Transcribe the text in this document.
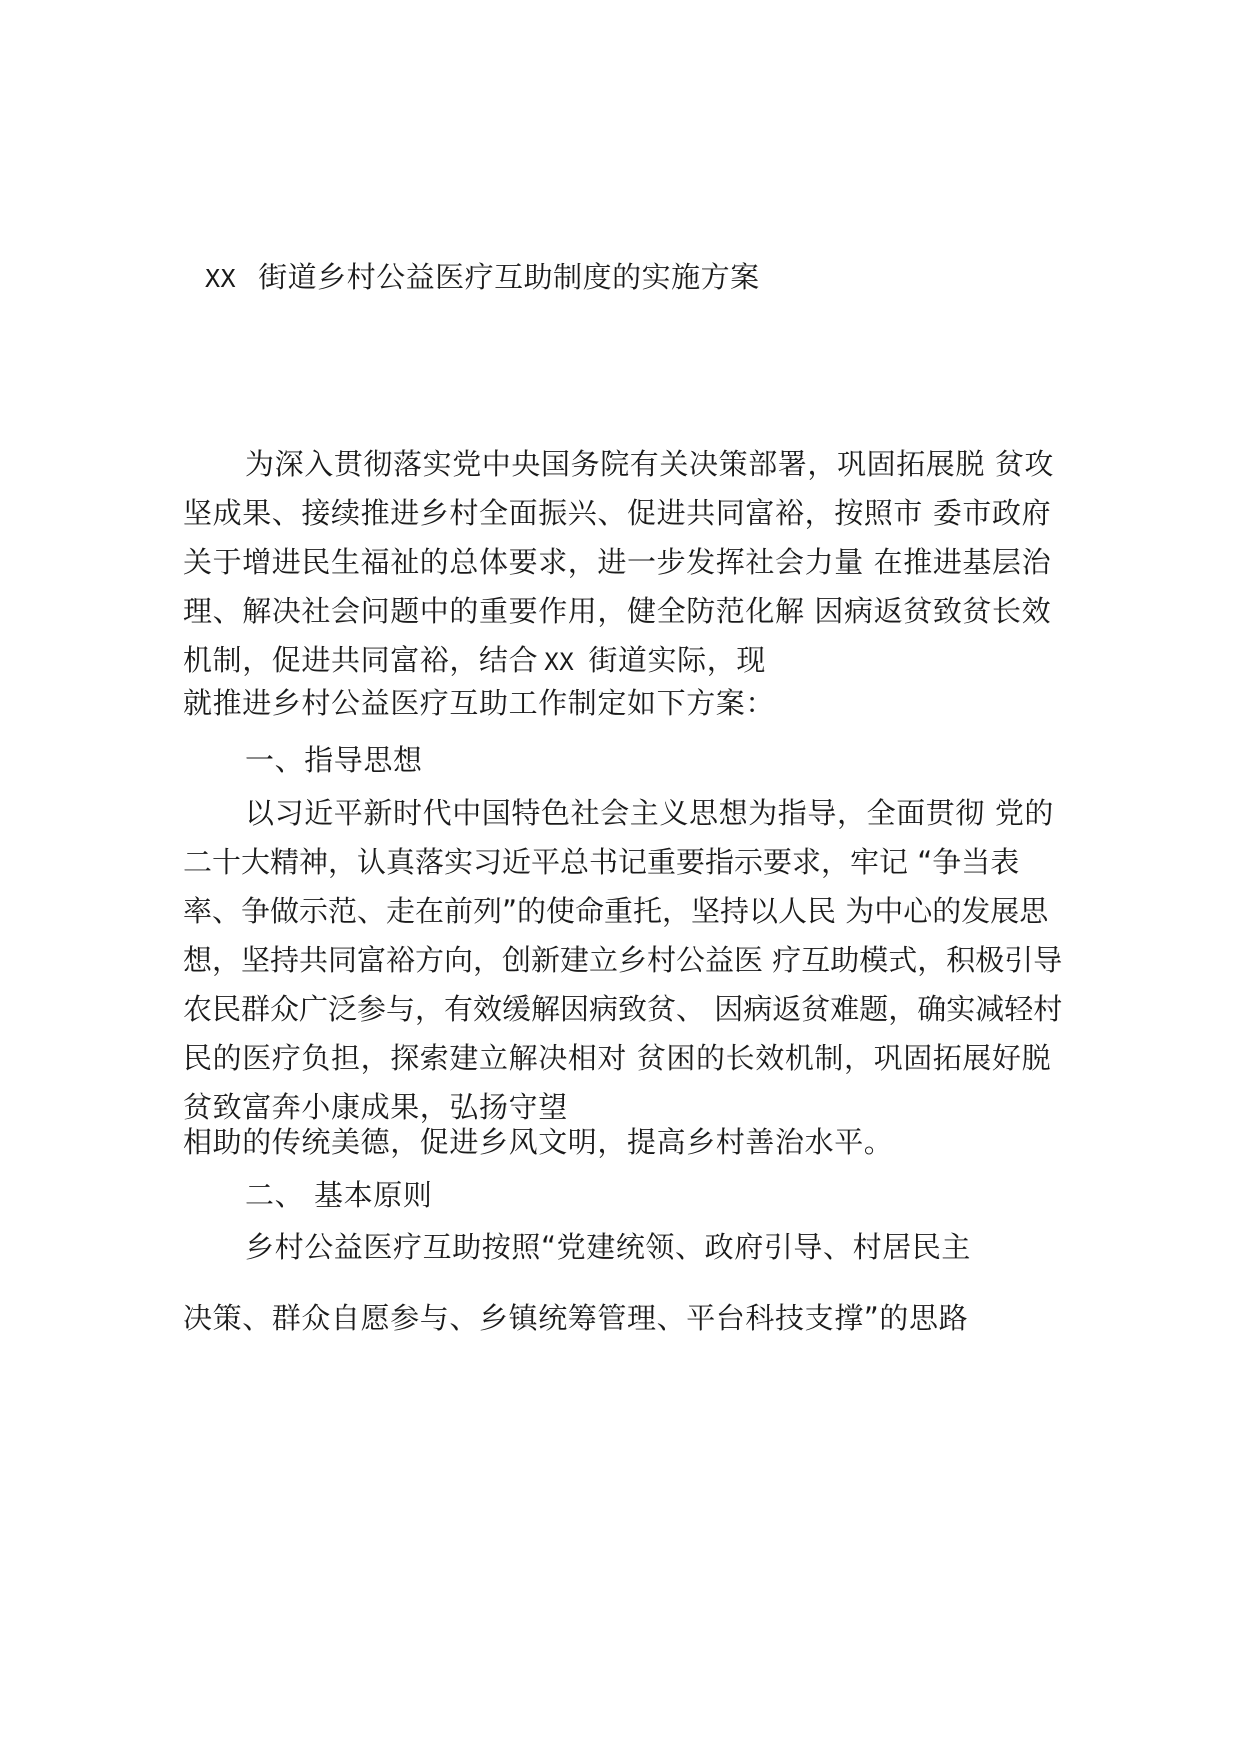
XX 街道乡村公益医疗互助制度的实施方案
为深入贯彻落实党中央国务院有关决策部署，巩固拓展脱 贫攻
坚成果、接续推进乡村全面振兴、促进共同富裕，按照市 委市政府
关于增进民生福祉的总体要求，进一步发挥社会力量 在推进基层治
理、解决社会问题中的重要作用，健全防范化解 因病返贫致贫长效
机制，促进共同富裕，结合 XX 街道实际，现
就推进乡村公益医疗互助工作制定如下方案：
一、指导思想
以习近平新时代中国特色社会主义思想为指导，全面贯彻 党的
二十大精神，认真落实习近平总书记重要指示要求，牢记 “争当表
率、争做示范、走在前列”的使命重托，坚持以人民 为中心的发展思
想，坚持共同富裕方向，创新建立乡村公益医 疗互助模式，积极引导
农民群众广泛参与，有效缓解因病致贫、 因病返贫难题，确实减轻村
民的医疗负担，探索建立解决相对 贫困的长效机制，巩固拓展好脱
贫致富奔小康成果，弘扬守望
相助的传统美德，促进乡风文明，提高乡村善治水平。
二、 基本原则
乡村公益医疗互助按照“党建统领、政府引导、村居民主
决策、群众自愿参与、乡镇统筹管理、平台科技支撑”的思路
